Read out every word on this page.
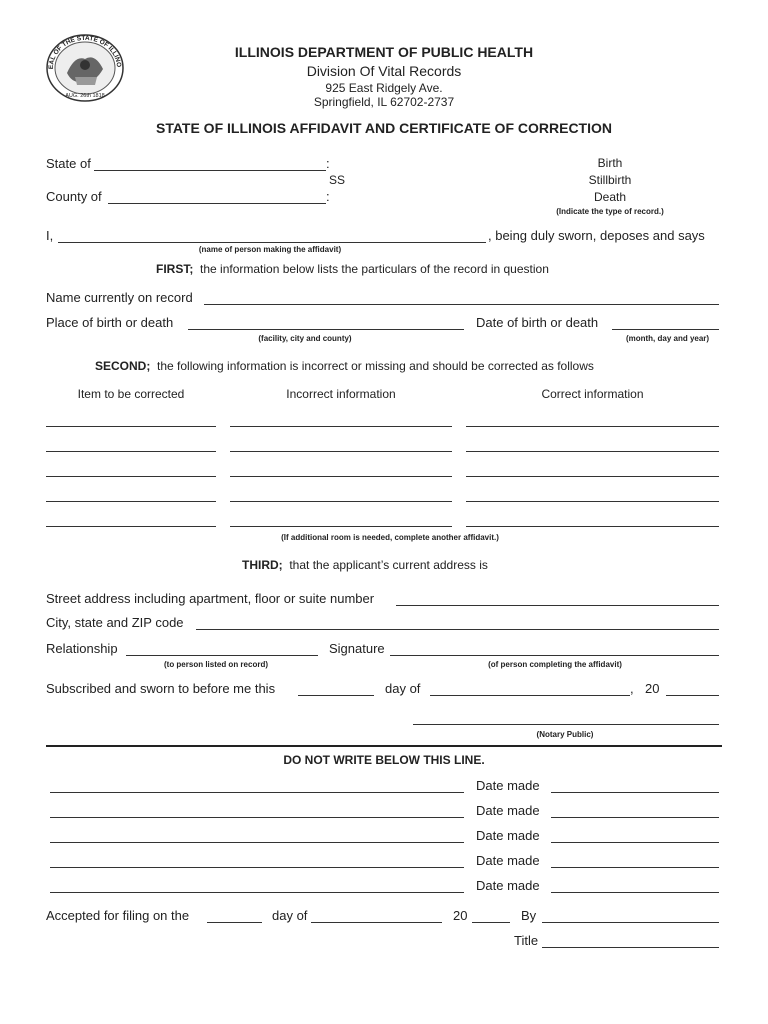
EAL OF THE STATE OF ILLINO
AUG. 26th 1818
ILLINOIS DEPARTMENT OF PUBLIC HEALTH
Division Of Vital Records
925 East Ridgely Ave.
Springfield, IL 62702-2737
STATE OF ILLINOIS AFFIDAVIT AND CERTIFICATE OF CORRECTION
State of	:
SS
County of	:
Birth
Stillbirth
Death
(Indicate the type of record.)
I,	, being duly sworn, deposes and says
(name of person making the affidavit)
FIRST; the information below lists the particulars of the record in question
Name currently on record
Place of birth or death
(facility, city and county)
Date of birth or death
(month, day and year)
SECOND; the following information is incorrect or missing and should be corrected as follows
Item to be corrected	Incorrect information	Correct information
(If additional room is needed, complete another affidavit.)
THIRD; that the applicant’s current address is
Street address including apartment, floor or suite number
City, state and ZIP code
Relationship
(to person listed on record)
Signature
(of person completing the affidavit)
Subscribed and sworn to before me this	day of	, 20
(Notary Public)
DO NOT WRITE BELOW THIS LINE.
Date made
Date made
Date made
Date made
Date made
Accepted for filing on the	day of	20	By
Title
